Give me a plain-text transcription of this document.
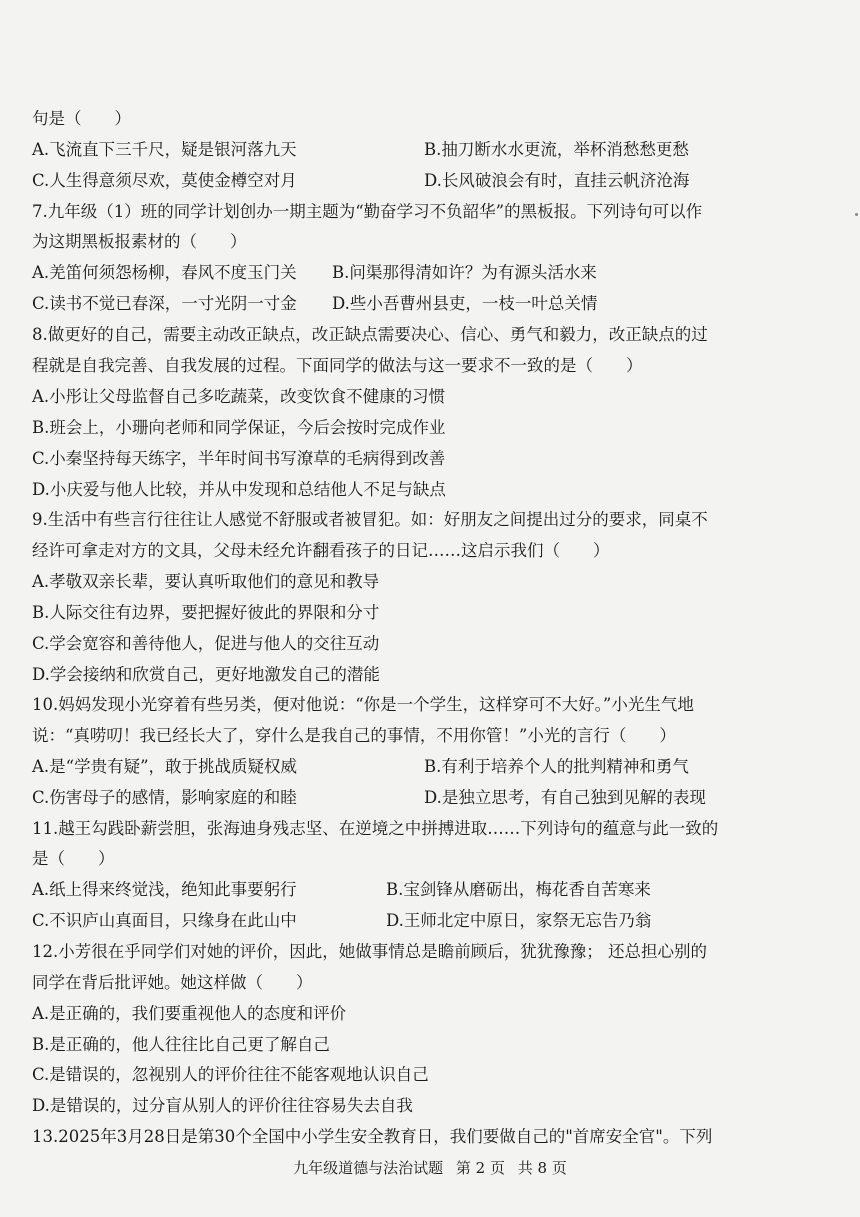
句是（　　）
A.飞流直下三千尺，疑是银河落九天	B.抽刀断水水更流，举杯消愁愁更愁
C.人生得意须尽欢，莫使金樽空对月	D.长风破浪会有时，直挂云帆济沧海
7.九年级（1）班的同学计划创办一期主题为“勤奋学习不负韶华”的黑板报。下列诗句可以作
为这期黑板报素材的（　　）
A.羌笛何须怨杨柳，春风不度玉门关 B.问渠那得清如许？为有源头活水来
C.读书不觉已春深，一寸光阴一寸金 D.些小吾曹州县吏，一枝一叶总关情
8.做更好的自己，需要主动改正缺点，改正缺点需要决心、信心、勇气和毅力，改正缺点的过
程就是自我完善、自我发展的过程。下面同学的做法与这一要求不一致的是（　　）
A.小彤让父母监督自己多吃蔬菜，改变饮食不健康的习惯
B.班会上，小珊向老师和同学保证，今后会按时完成作业
C.小秦坚持每天练字，半年时间书写潦草的毛病得到改善
D.小庆爱与他人比较，并从中发现和总结他人不足与缺点
9.生活中有些言行往往让人感觉不舒服或者被冒犯。如：好朋友之间提出过分的要求，同桌不
经许可拿走对方的文具，父母未经允许翻看孩子的日记……这启示我们（　　）
A.孝敬双亲长辈，要认真听取他们的意见和教导
B.人际交往有边界，要把握好彼此的界限和分寸
C.学会宽容和善待他人，促进与他人的交往互动
D.学会接纳和欣赏自己，更好地激发自己的潜能
10.妈妈发现小光穿着有些另类，便对他说：“你是一个学生，这样穿可不大好。”小光生气地
说：“真唠叨！我已经长大了，穿什么是我自己的事情，不用你管！”小光的言行（　　）
A.是“学贵有疑”，敢于挑战质疑权威	B.有利于培养个人的批判精神和勇气
C.伤害母子的感情，影响家庭的和睦	D.是独立思考，有自己独到见解的表现
11.越王勾践卧薪尝胆，张海迪身残志坚、在逆境之中拼搏进取……下列诗句的蕴意与此一致的
是（　　）
A.纸上得来终觉浅，绝知此事要躬行	B.宝剑锋从磨砺出，梅花香自苦寒来
C.不识庐山真面目，只缘身在此山中	D.王师北定中原日，家祭无忘告乃翁
12.小芳很在乎同学们对她的评价，因此，她做事情总是瞻前顾后，犹犹豫豫； 还总担心别的
同学在背后批评她。她这样做（　　）
A.是正确的，我们要重视他人的态度和评价
B.是正确的，他人往往比自己更了解自己
C.是错误的，忽视别人的评价往往不能客观地认识自己
D.是错误的，过分盲从别人的评价往往容易失去自我
13.2025年3月28日是第30个全国中小学生安全教育日，我们要做自己的"首席安全官"。下列
九年级道德与法治试题 第 2 页 共 8 页
